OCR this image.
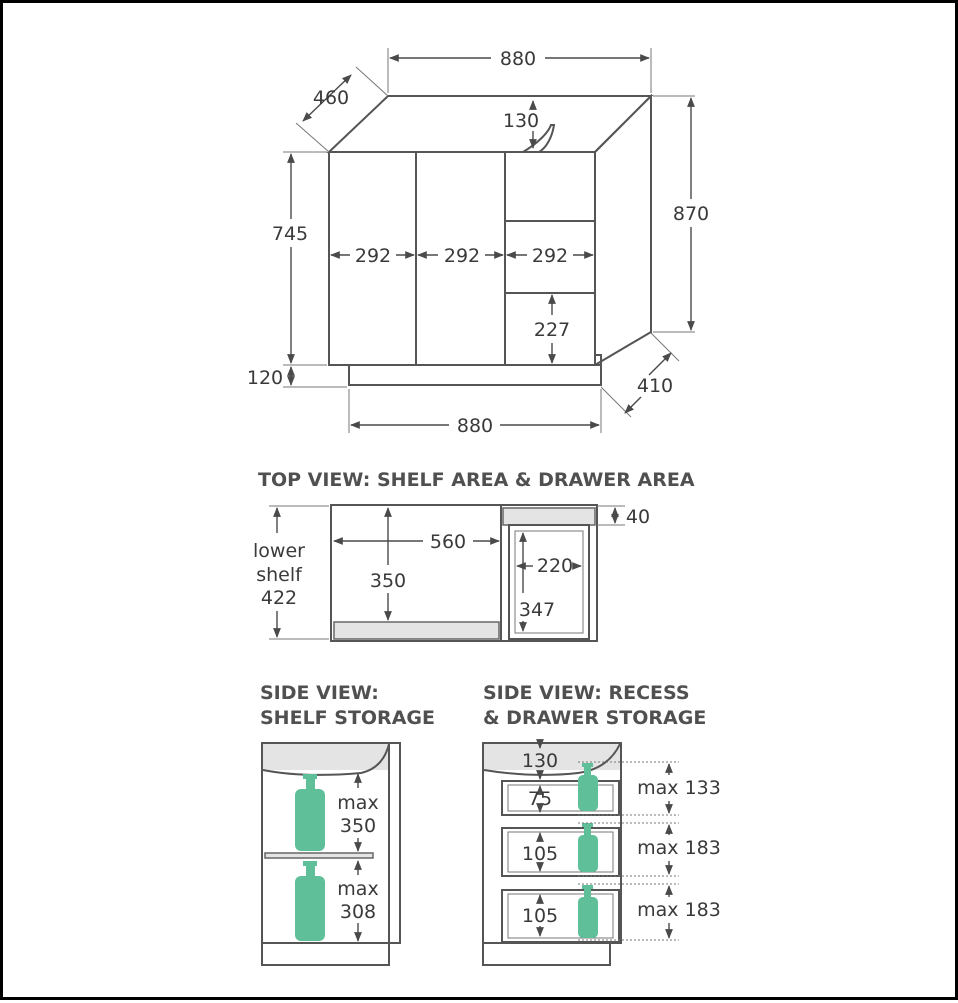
880
460
130
870
745
120
292	292	292
227
410
880
TOP VIEW: SHELF AREA & DRAWER AREA
lower
shelf
422
560
350
40
220
347
SIDE VIEW:
SHELF STORAGE
max
350
max
308
SIDE VIEW: RECESS
& DRAWER STORAGE
130
75
105
105
max 133
max 183
max 183
